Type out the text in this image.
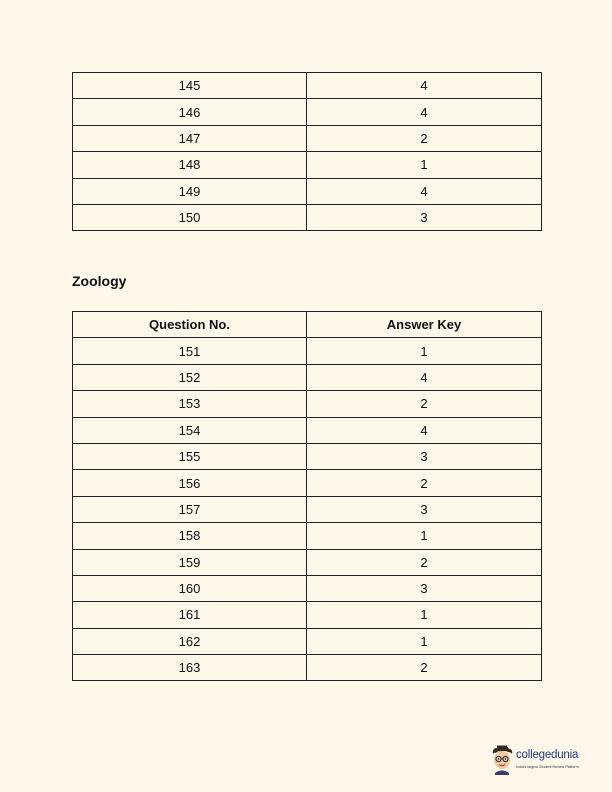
145	4
146	4
147	2
148	1
149	4
150	3
Zoology
Question No.	Answer Key
151	1
152	4
153	2
154	4
155	3
156	2
157	3
158	1
159	2
160	3
161	1
162	1
163	2
collegedunia
India's largest Student Review Platform
